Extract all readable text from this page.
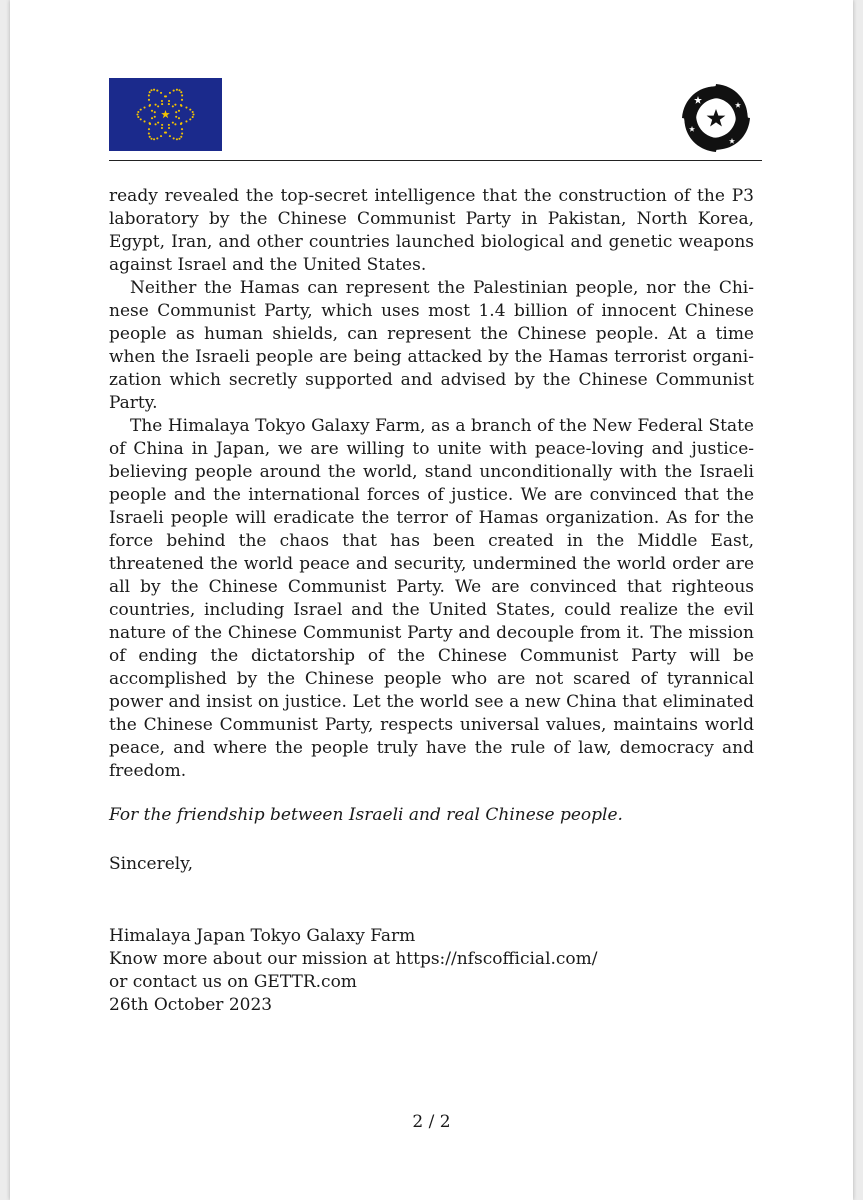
ready revealed the top-secret intelligence that the construction of the P3 laboratory by the Chinese Communist Party in Pakistan, North Korea, Egypt, Iran, and other countries launched biological and genetic weapons against Israel and the United States.

Neither the Hamas can represent the Palestinian people, nor the Chinese Communist Party, which uses most 1.4 billion of innocent Chinese people as human shields, can represent the Chinese people. At a time when the Israeli people are being attacked by the Hamas terrorist organization which secretly supported and advised by the Chinese Communist Party.

The Himalaya Tokyo Galaxy Farm, as a branch of the New Federal State of China in Japan, we are willing to unite with peace-loving and justice-believing people around the world, stand unconditionally with the Israeli people and the international forces of justice. We are convinced that the Israeli people will eradicate the terror of Hamas organization. As for the force behind the chaos that has been created in the Middle East, threatened the world peace and security, undermined the world order are all by the Chinese Communist Party. We are convinced that righteous countries, including Israel and the United States, could realize the evil nature of the Chinese Communist Party and decouple from it. The mission of ending the dictatorship of the Chinese Communist Party will be accomplished by the Chinese people who are not scared of tyrannical power and insist on justice. Let the world see a new China that eliminated the Chinese Communist Party, respects universal values, maintains world peace, and where the people truly have the rule of law, democracy and freedom.

For the friendship between Israeli and real Chinese people.
Sincerely,
Himalaya Japan Tokyo Galaxy Farm
Know more about our mission at https://nfscofficial.com/
or contact us on GETTR.com
26th October 2023
2 / 2
